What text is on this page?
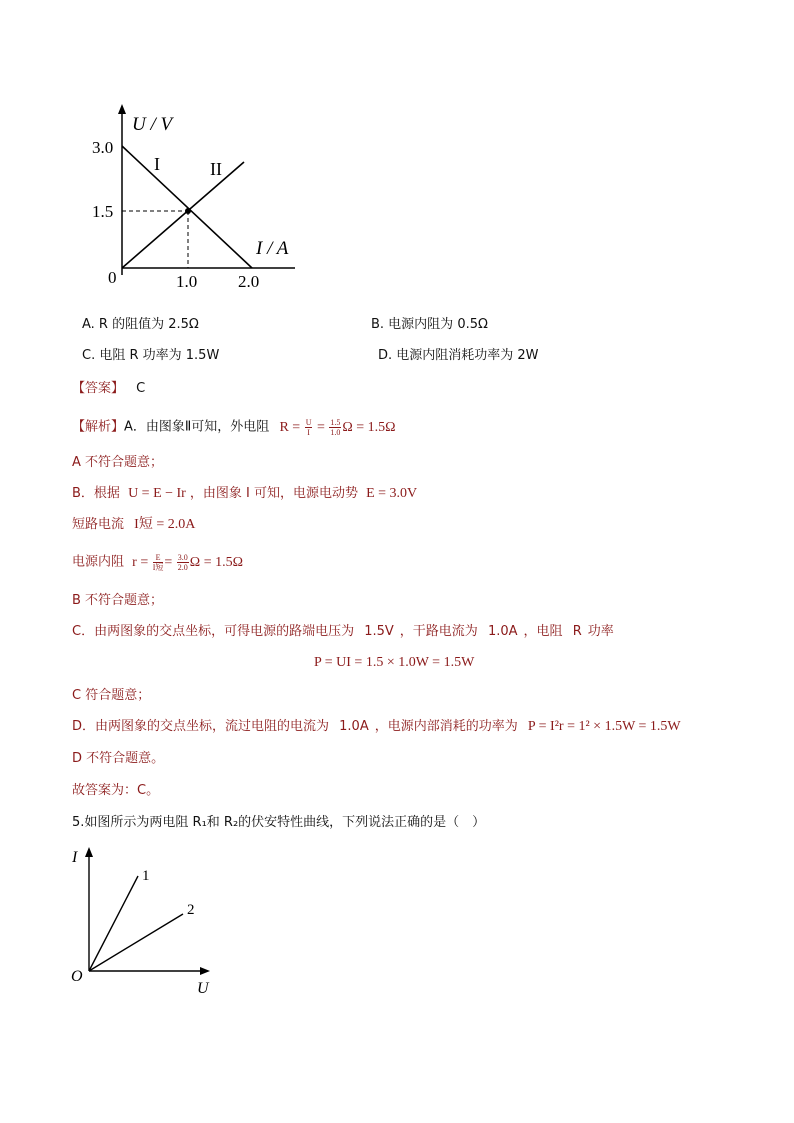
U / V
3.0
1.5
0	1.0 2.0
I / A
I	II
A. R 的阻值为 2.5Ω	B. 电源内阻为 0.5Ω
C. 电阻 R 功率为 1.5W	D. 电源内阻消耗功率为 2W
【答案】 C
【解析】A．由图象Ⅱ可知，外电阻 $R = \frac{U}{I} = \frac{1.5}{1.0}$ Ω = 1.5Ω
A 不符合题意；
B．根据 U = E − Ir ，由图象 I 可知，电源电动势 E = 3.0V
短路电流 I短 = 2.0A
电源内阻 $r = \frac{E}{\text{I短}} = \frac{3.0}{2.0}$ Ω = 1.5Ω
B 不符合题意；
C．由两图象的交点坐标，可得电源的路端电压为 1.5V ，干路电流为 1.0A ，电阻 R 功率
P = UI = 1.5 × 1.0W = 1.5W
C 符合题意；
D．由两图象的交点坐标，流过电阻的电流为 1.0A ，电源内部消耗的功率为 P = I²r = 1² × 1.5W = 1.5W
D 不符合题意。
故答案为：C。
5.如图所示为两电阻 R₁和 R₂的伏安特性曲线，下列说法正确的是（　）
I
U
O
1
2
